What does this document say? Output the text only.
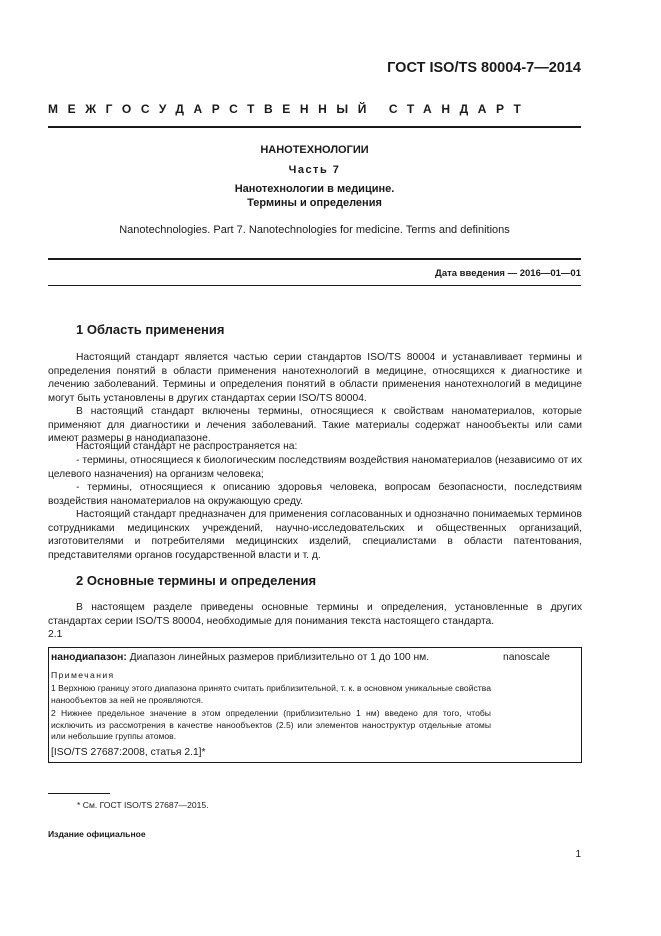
ГОСТ ISO/TS 80004-7—2014
МЕЖГОСУДАРСТВЕННЫЙ СТАНДАРТ
НАНОТЕХНОЛОГИИ
Часть 7
Нанотехнологии в медицине.
Термины и определения
Nanotechnologies. Part 7. Nanotechnologies for medicine. Terms and definitions
Дата введения — 2016—01—01
1 Область применения
Настоящий стандарт является частью серии стандартов ISO/TS 80004 и устанавливает термины и определения понятий в области применения нанотехнологий в медицине, относящихся к диагностике и лечению заболеваний. Термины и определения понятий в области применения нанотехнологий в медицине могут быть установлены в других стандартах серии ISO/TS 80004.
В настоящий стандарт включены термины, относящиеся к свойствам наноматериалов, которые применяют для диагностики и лечения заболеваний. Такие материалы содержат нанообъекты или сами имеют размеры в нанодиапазоне.
Настоящий стандарт не распространяется на:
- термины, относящиеся к биологическим последствиям воздействия наноматериалов (независимо от их целевого назначения) на организм человека;
- термины, относящиеся к описанию здоровья человека, вопросам безопасности, последствиям воздействия наноматериалов на окружающую среду.
Настоящий стандарт предназначен для применения согласованных и однозначно понимаемых терминов сотрудниками медицинских учреждений, научно-исследовательских и общественных организаций, изготовителями и потребителями медицинских изделий, специалистами в области патентования, представителями органов государственной власти и т. д.
2 Основные термины и определения
В настоящем разделе приведены основные термины и определения, установленные в других стандартах серии ISO/TS 80004, необходимые для понимания текста настоящего стандарта.
2.1
нанодиапазон: Диапазон линейных размеров приблизительно от 1 до 100 нм.	nanoscale
Примечания
1 Верхнюю границу этого диапазона принято считать приблизительной, т. к. в основном уникальные свойства нанообъектов за ней не проявляются.
2 Нижнее предельное значение в этом определении (приблизительно 1 нм) введено для того, чтобы исключить из рассмотрения в качестве нанообъектов (2.5) или элементов наноструктур отдельные атомы или небольшие группы атомов.
[ISO/TS 27687:2008, статья 2.1]*
* См. ГОСТ ISO/TS 27687—2015.
Издание официальное
1
